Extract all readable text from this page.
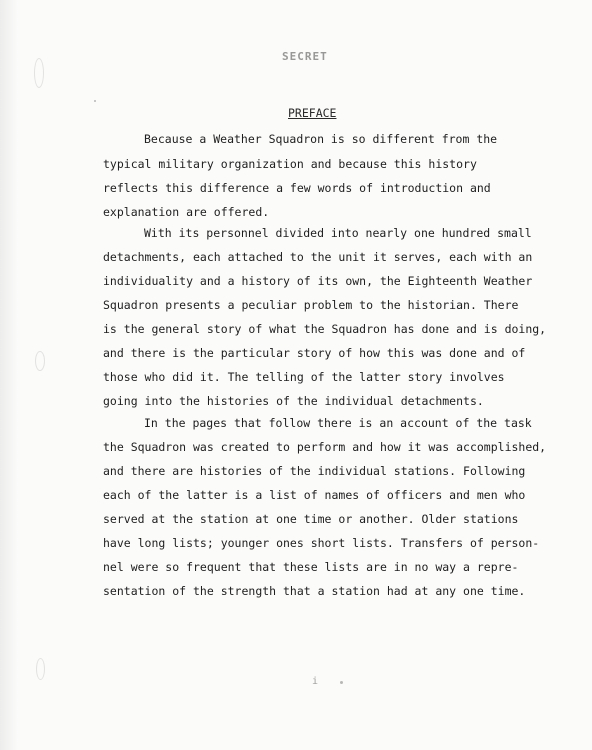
SECRET
PREFACE
Because a Weather Squadron is so different from the
typical military organization and because this history
reflects this difference a few words of introduction and
explanation are offered.
With its personnel divided into nearly one hundred small
detachments, each attached to the unit it serves, each with an
individuality and a history of its own, the Eighteenth Weather
Squadron presents a peculiar problem to the historian. There
is the general story of what the Squadron has done and is doing,
and there is the particular story of how this was done and of
those who did it. The telling of the latter story involves
going into the histories of the individual detachments.
In the pages that follow there is an account of the task
the Squadron was created to perform and how it was accomplished,
and there are histories of the individual stations. Following
each of the latter is a list of names of officers and men who
served at the station at one time or another. Older stations
have long lists; younger ones short lists. Transfers of person-
nel were so frequent that these lists are in no way a repre-
sentation of the strength that a station had at any one time.
i
